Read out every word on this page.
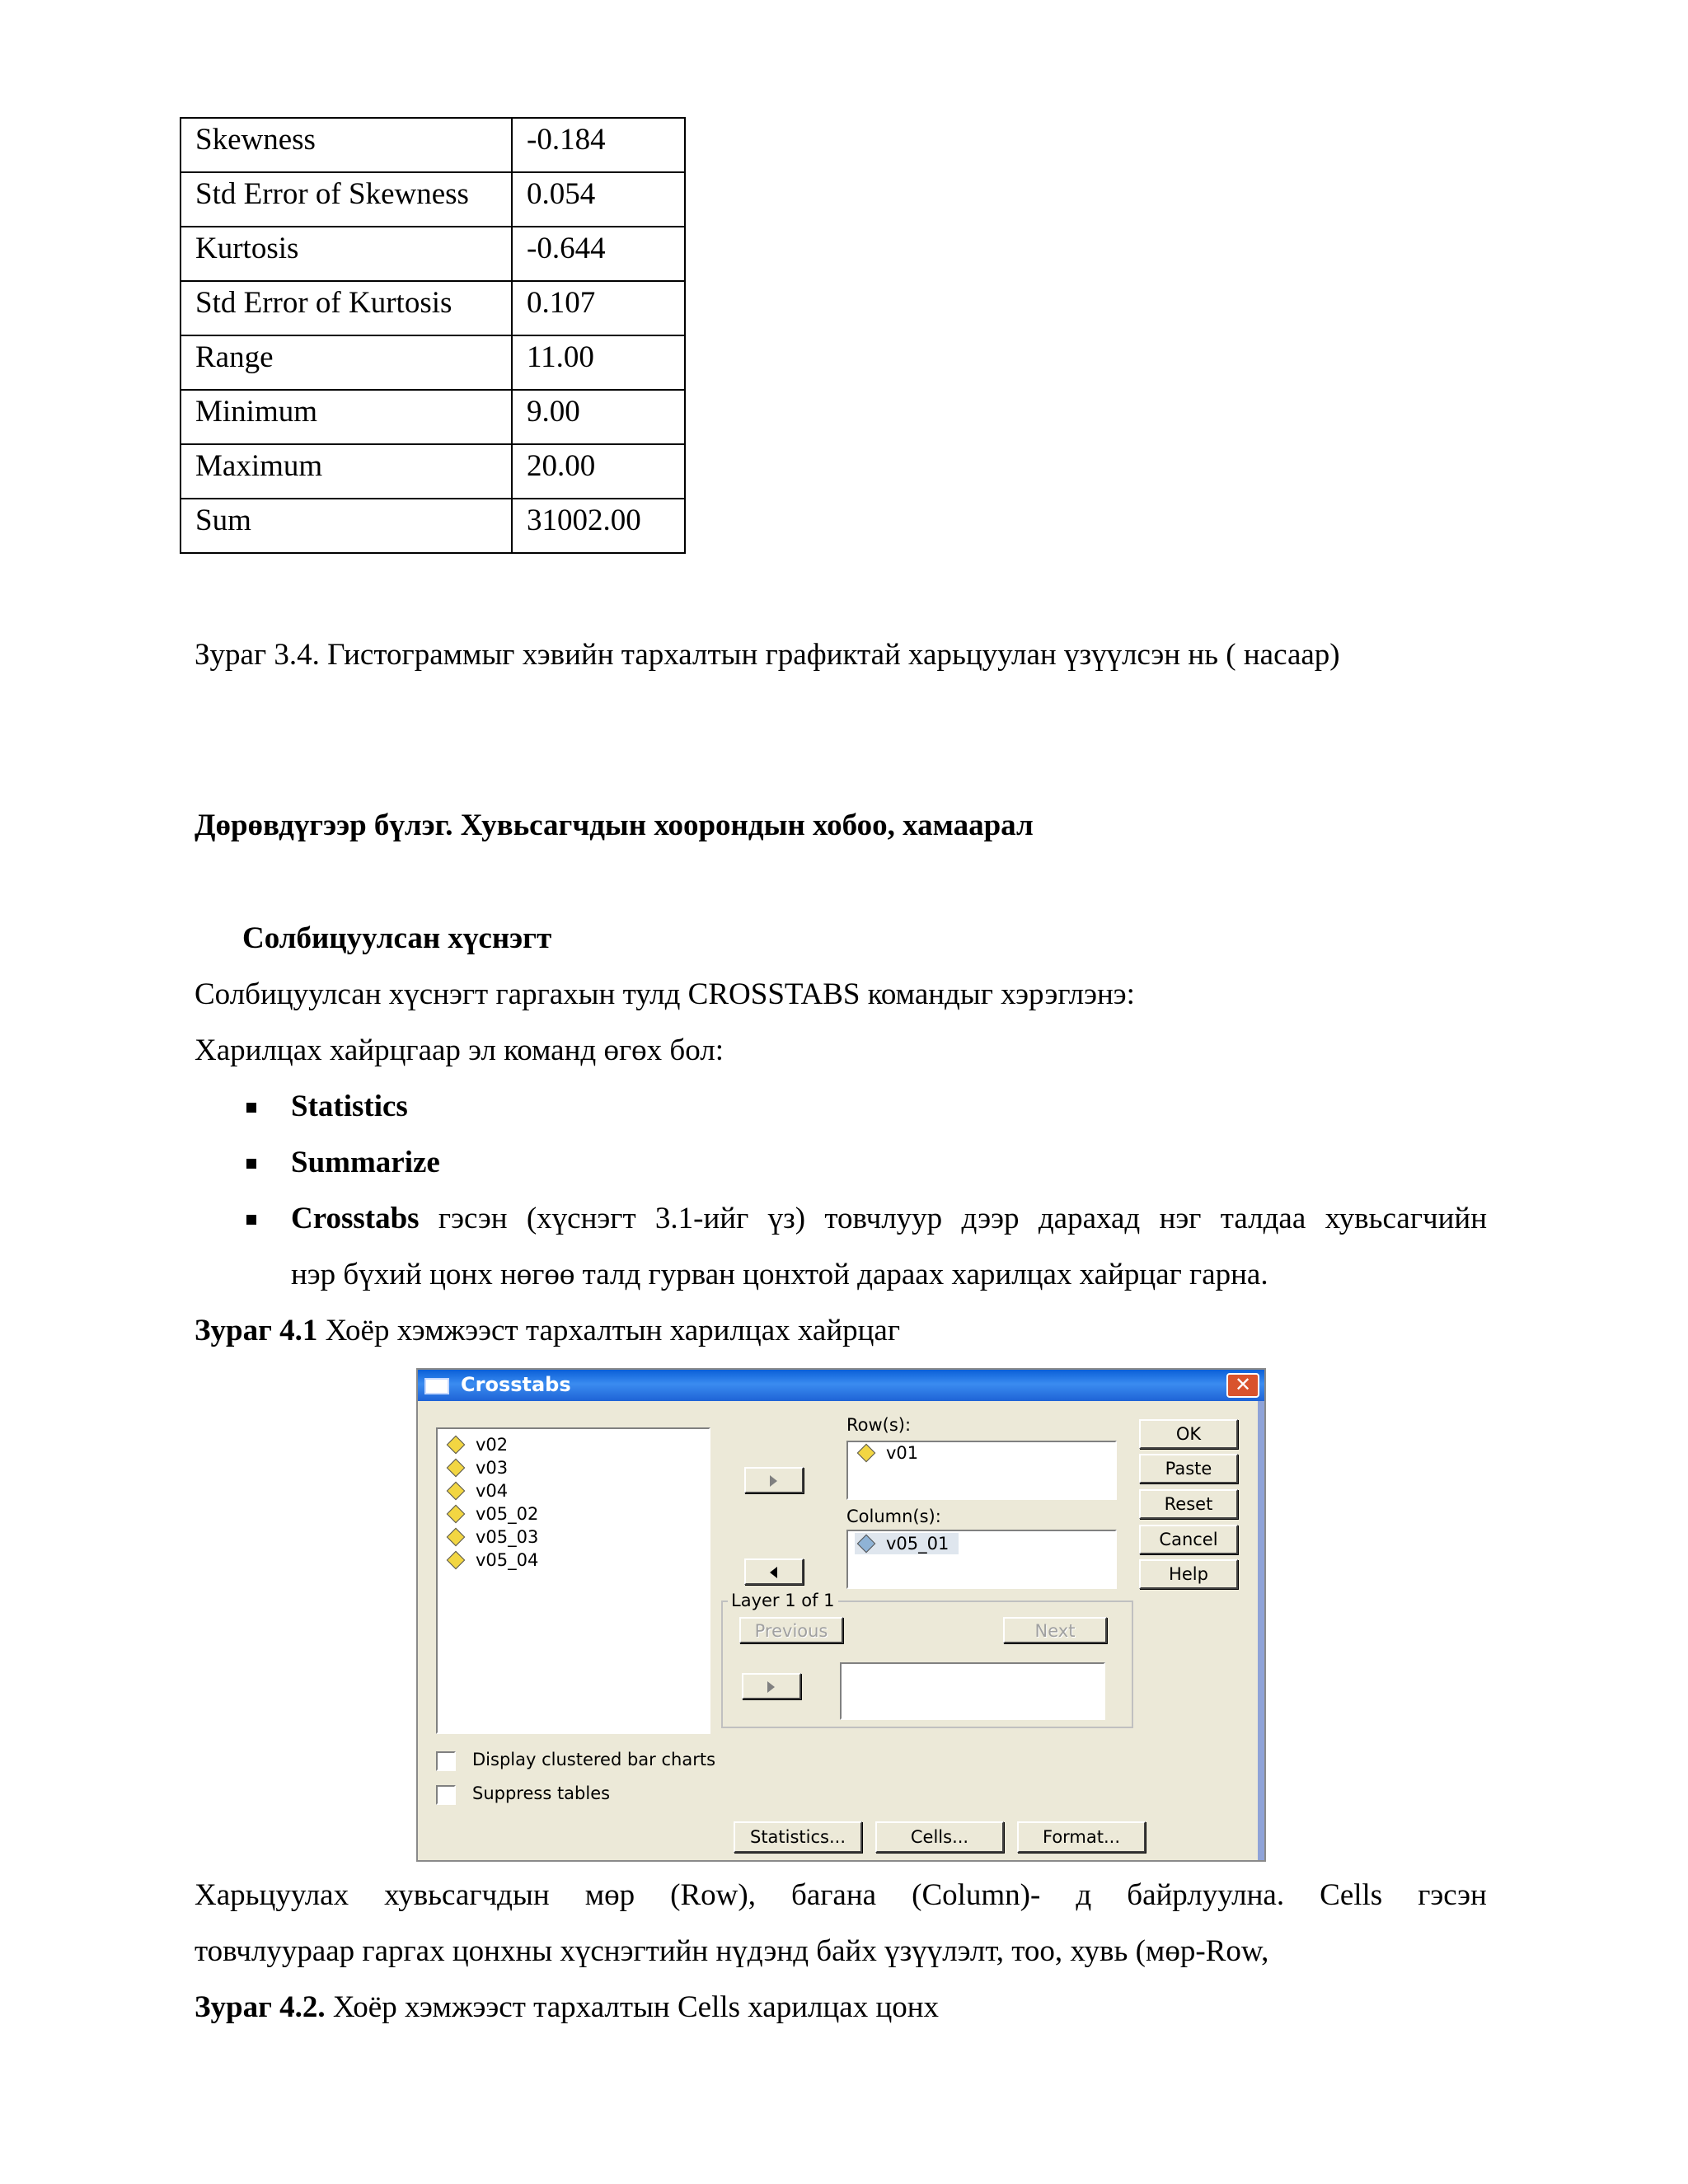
Skewness	-0.184
Std Error of Skewness	0.054
Kurtosis	-0.644
Std Error of Kurtosis	0.107
Range	11.00
Minimum	9.00
Maximum	20.00
Sum	31002.00
Зураг 3.4. Гистограммыг хэвийн тархалтын графиктай харьцуулан үзүүлсэн нь ( насаар)
Дөрөвдүгээр бүлэг. Хувьсагчдын хоорондын хобоо, хамаарал
Солбицуулсан хүснэгт
Солбицуулсан хүснэгт гаргахын тулд CROSSTABS командыг хэрэглэнэ:
Харилцах хайрцгаар эл команд өгөх бол:
Statistics
Summarize
Crosstabs гэсэн (хүснэгт 3.1-ийг үз) товчлуур дээр дарахад нэг талдаа хувьсагчийн
нэр бүхий цонх нөгөө талд гурван цонхтой дараах харилцах хайрцаг гарна.
Зураг 4.1 Хоёр хэмжээст тархалтын харилцах хайрцаг
Crosstabs	✕
v02
v03
v04
v05_02
v05_03
v05_04
Row(s):
v01
Column(s):
v05_01
Layer 1 of 1
Previous	Next
OK
Paste
Reset
Cancel
Help
Display clustered bar charts
Suppress tables
Statistics...	Cells...	Format...
Харьцуулах хувьсагчдын мөр (Row), багана (Column)- д байрлуулна. Cells гэсэн
товчлуураар гаргах цонхны хүснэгтийн нүдэнд байх үзүүлэлт, тоо, хувь (мөр-Row,
Зураг 4.2. Хоёр хэмжээст тархалтын Cells харилцах цонх
